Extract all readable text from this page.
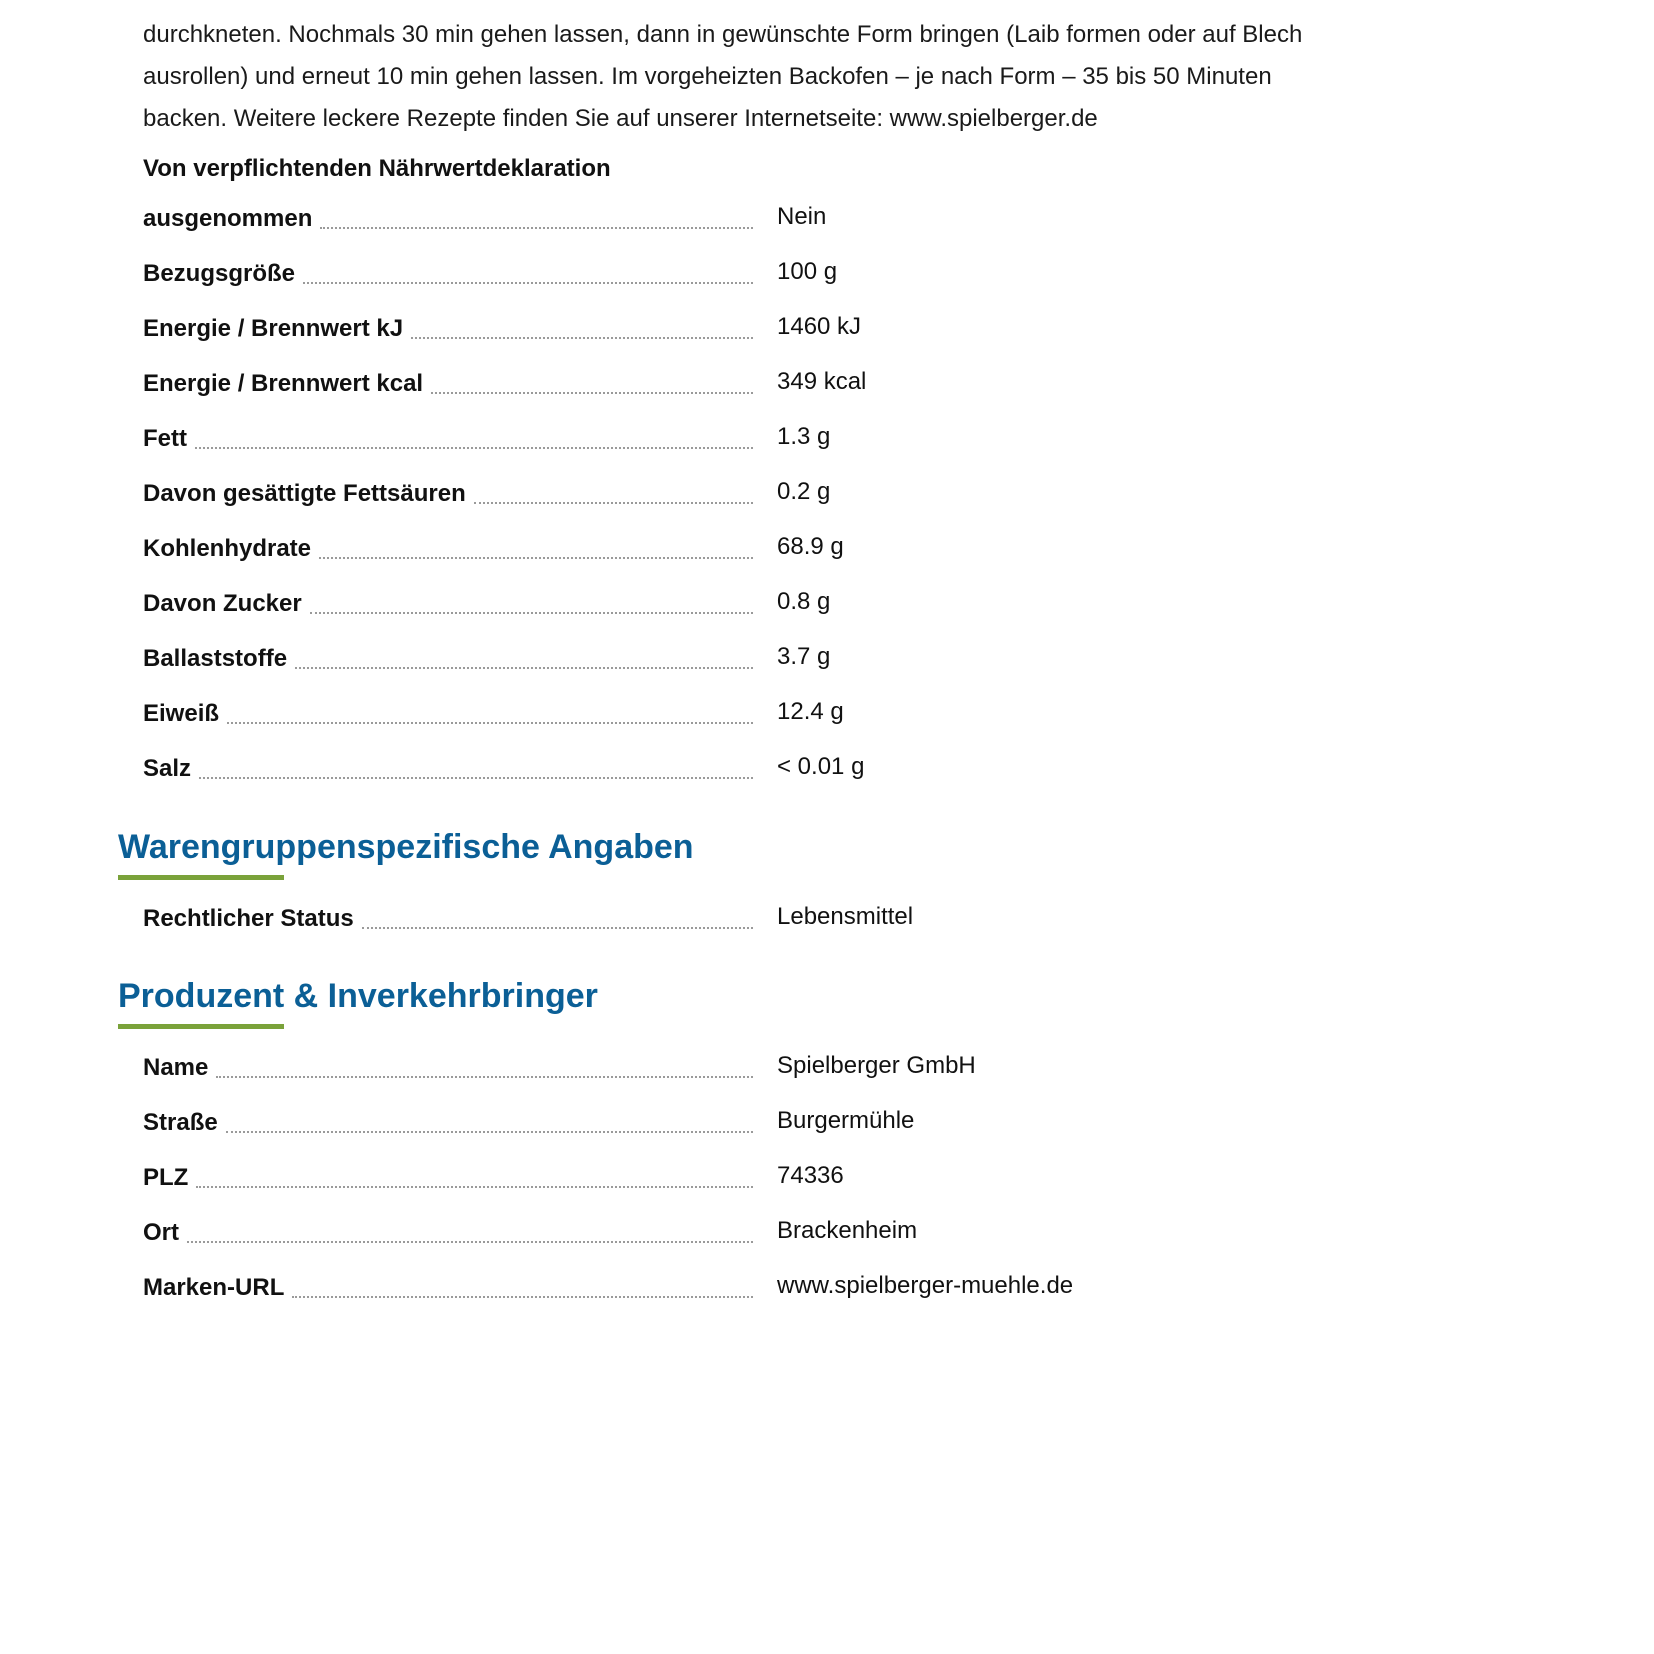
durchkneten. Nochmals 30 min gehen lassen, dann in gewünschte Form bringen (Laib formen oder auf Blech

ausrollen) und erneut 10 min gehen lassen. Im vorgeheizten Backofen – je nach Form – 35 bis 50 Minuten

backen. Weitere leckere Rezepte finden Sie auf unserer Internetseite: www.spielberger.de

Von verpflichtenden Nährwertdeklaration
ausgenommen	Nein
Bezugsgröße	100 g
Energie / Brennwert kJ	1460 kJ
Energie / Brennwert kcal	349 kcal
Fett	1.3 g
Davon gesättigte Fettsäuren	0.2 g
Kohlenhydrate	68.9 g
Davon Zucker	0.8 g
Ballaststoffe	3.7 g
Eiweiß	12.4 g
Salz	< 0.01 g
Warengruppenspezifische Angaben
Rechtlicher Status	Lebensmittel
Produzent & Inverkehrbringer
Name	Spielberger GmbH
Straße	Burgermühle
PLZ	74336
Ort	Brackenheim
Marken-URL	www.spielberger-muehle.de
